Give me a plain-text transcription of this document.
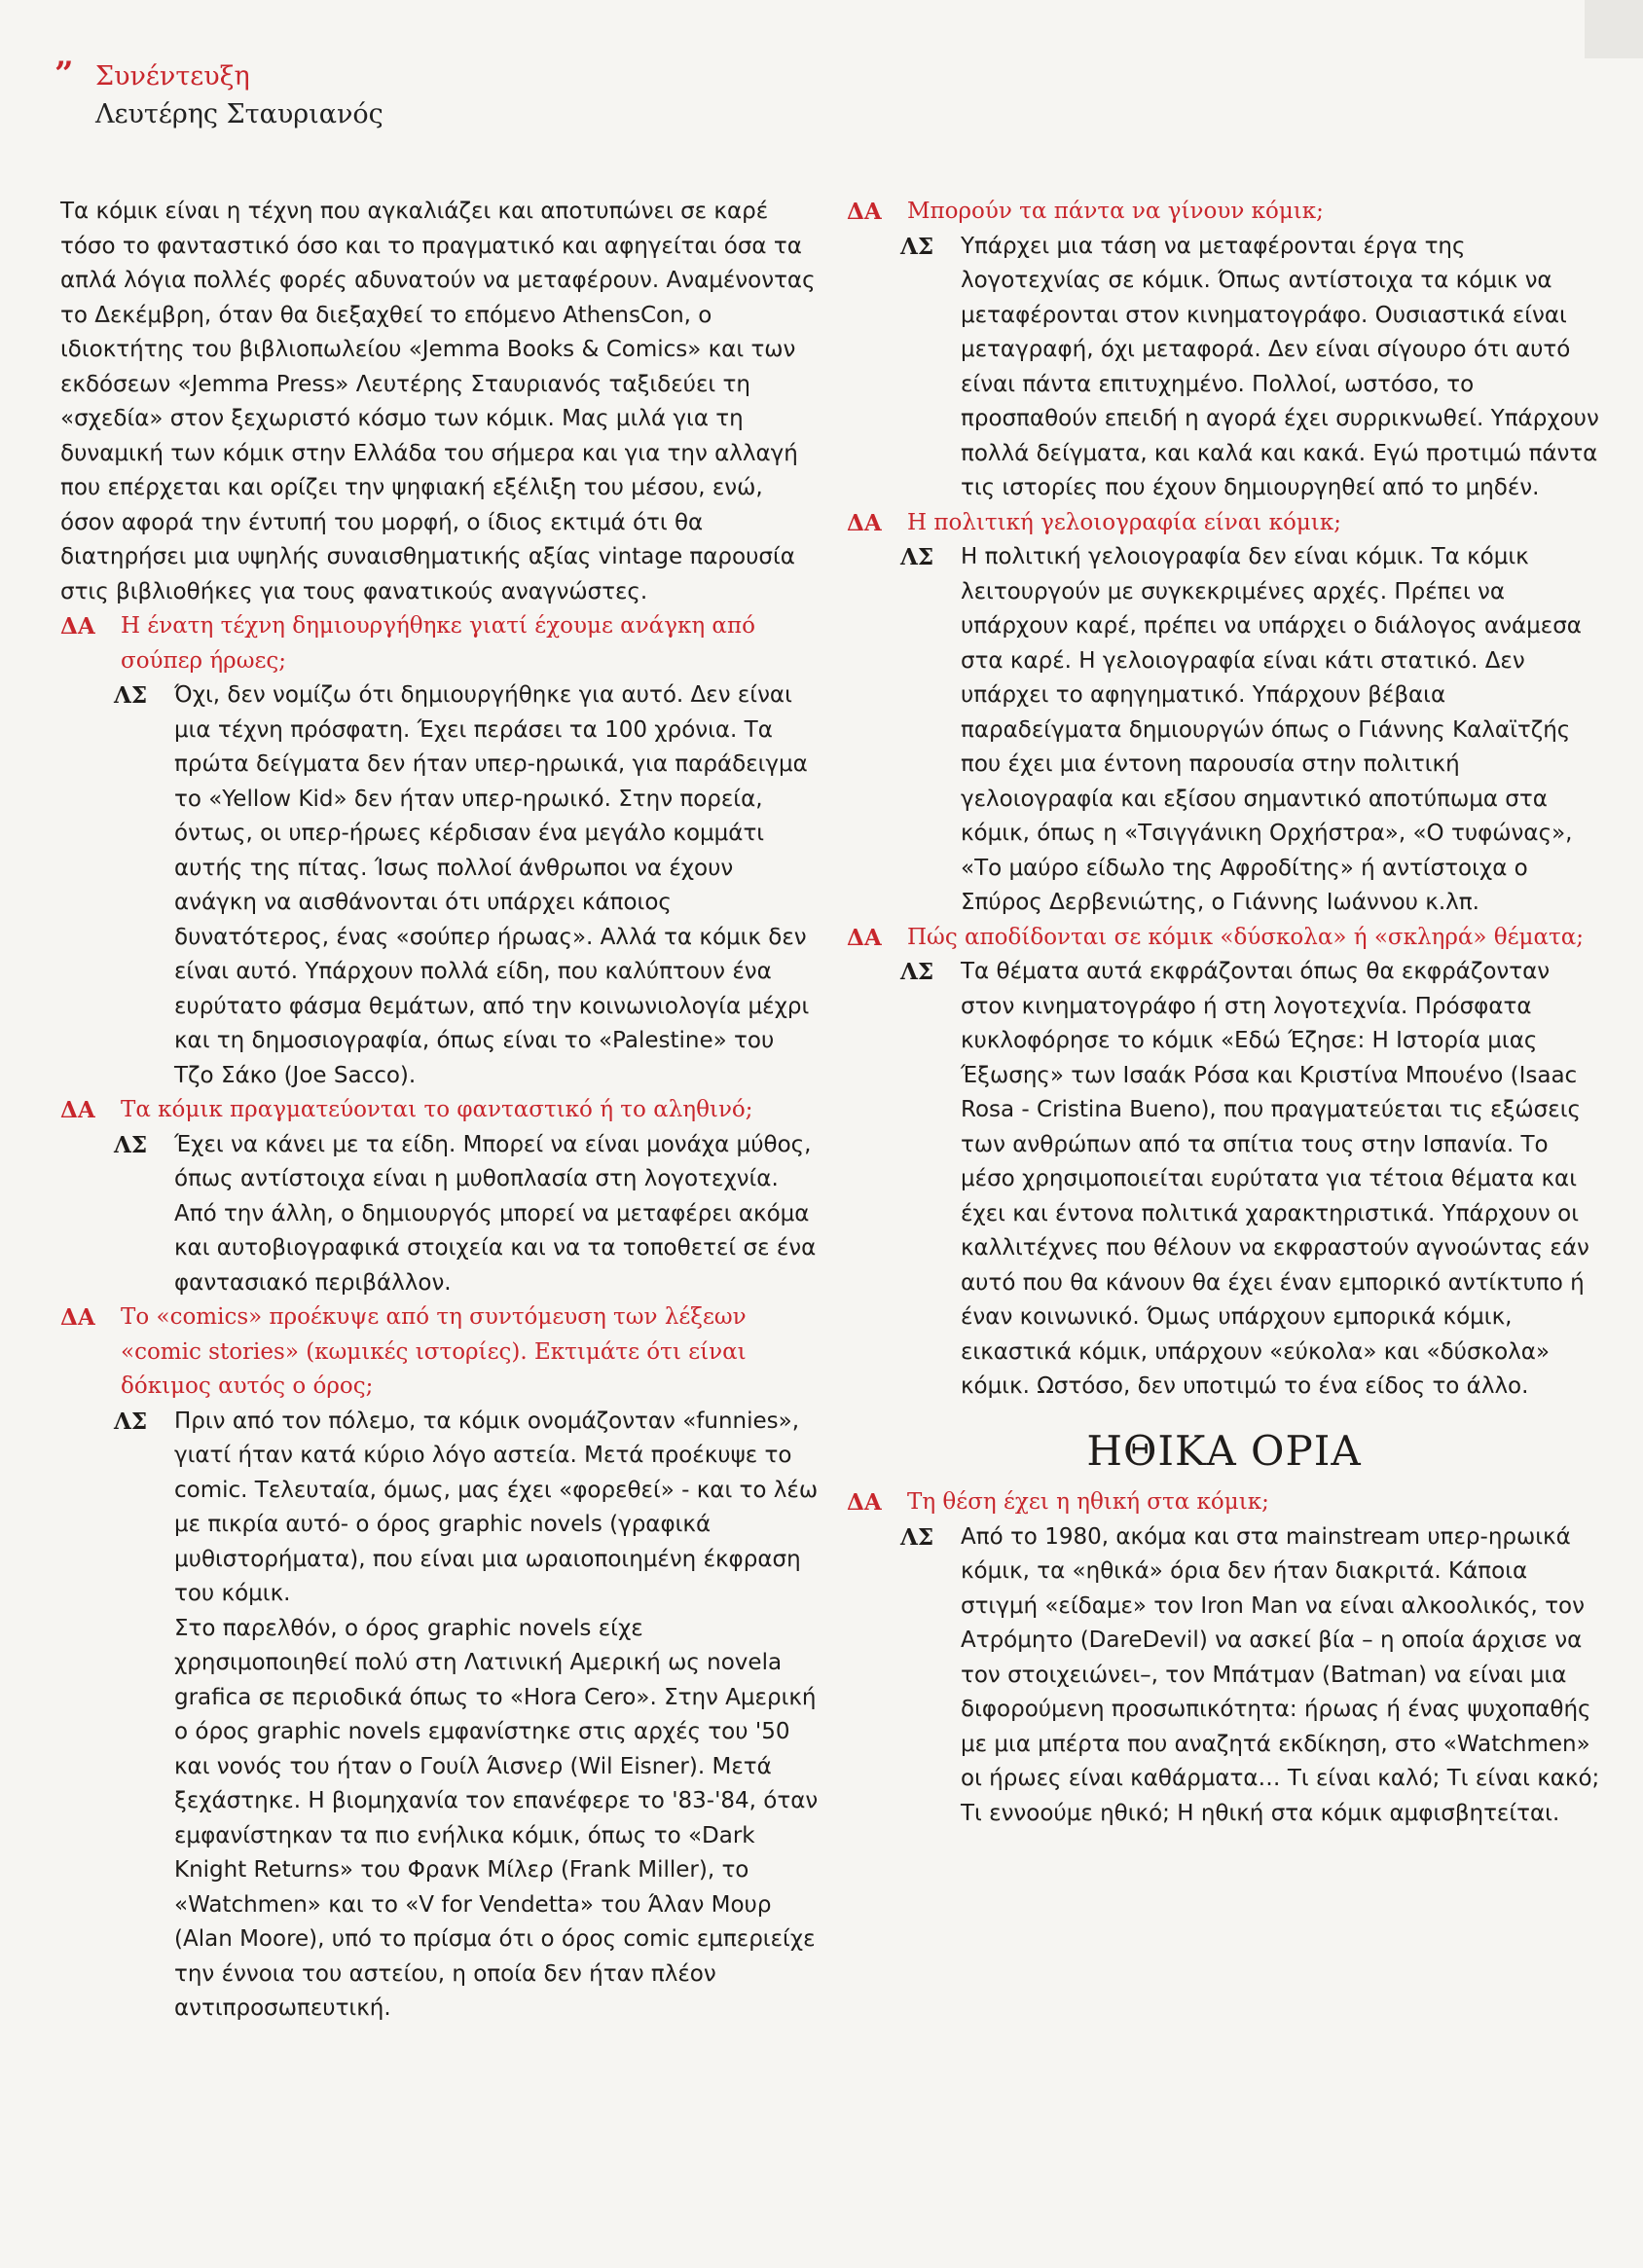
” Συνέντευξη
Λευτέρης Σταυριανός

Τα κόμικ είναι η τέχνη που αγκαλιάζει και αποτυπώνει σε καρέ τόσο το φανταστικό όσο και το πραγματικό και αφηγείται όσα τα απλά λόγια πολλές φορές αδυνατούν να μεταφέρουν. Αναμένοντας το Δεκέμβρη, όταν θα διεξαχθεί το επόμενο AthensCon, ο ιδιοκτήτης του βιβλιοπωλείου «Jemma Books & Comics» και των εκδόσεων «Jemma Press» Λευτέρης Σταυριανός ταξιδεύει τη «σχεδία» στον ξεχωριστό κόσμο των κόμικ. Μας μιλά για τη δυναμική των κόμικ στην Ελλάδα του σήμερα και για την αλλαγή που επέρχεται και ορίζει την ψηφιακή εξέλιξη του μέσου, ενώ, όσον αφορά την έντυπή του μορφή, ο ίδιος εκτιμά ότι θα διατηρήσει μια υψηλής συναισθηματικής αξίας vintage παρουσία στις βιβλιοθήκες για τους φανατικούς αναγνώστες.

ΔΑ	Η ένατη τέχνη δημιουργήθηκε γιατί έχουμε ανάγκη από σούπερ ήρωες;
ΛΣ	Όχι, δεν νομίζω ότι δημιουργήθηκε για αυτό. Δεν είναι μια τέχνη πρόσφατη. Έχει περάσει τα 100 χρόνια. Τα πρώτα δείγματα δεν ήταν υπερ-ηρωικά, για παράδειγμα το «Yellow Kid» δεν ήταν υπερ-ηρωικό. Στην πορεία, όντως, οι υπερ-ήρωες κέρδισαν ένα μεγάλο κομμάτι αυτής της πίτας. Ίσως πολλοί άνθρωποι να έχουν ανάγκη να αισθάνονται ότι υπάρχει κάποιος δυνατότερος, ένας «σούπερ ήρωας». Αλλά τα κόμικ δεν είναι αυτό. Υπάρχουν πολλά είδη, που καλύπτουν ένα ευρύτατο φάσμα θεμάτων, από την κοινωνιολογία μέχρι και τη δημοσιογραφία, όπως είναι το «Palestine» του Τζο Σάκο (Joe Sacco).
ΔΑ	Τα κόμικ πραγματεύονται το φανταστικό ή το αληθινό;
ΛΣ	Έχει να κάνει με τα είδη. Μπορεί να είναι μονάχα μύθος, όπως αντίστοιχα είναι η μυθοπλασία στη λογοτεχνία. Από την άλλη, ο δημιουργός μπορεί να μεταφέρει ακόμα και αυτοβιογραφικά στοιχεία και να τα τοποθετεί σε ένα φαντασιακό περιβάλλον.
ΔΑ	Το «comics» προέκυψε από τη συντόμευση των λέξεων «comic stories» (κωμικές ιστορίες). Εκτιμάτε ότι είναι δόκιμος αυτός ο όρος;
ΛΣ	Πριν από τον πόλεμο, τα κόμικ ονομάζονταν «funnies», γιατί ήταν κατά κύριο λόγο αστεία. Μετά προέκυψε το comic. Τελευταία, όμως, μας έχει «φορεθεί» - και το λέω με πικρία αυτό- ο όρος graphic novels (γραφικά μυθιστορήματα), που είναι μια ωραιοποιημένη έκφραση του κόμικ.
Στο παρελθόν, ο όρος graphic novels είχε χρησιμοποιηθεί πολύ στη Λατινική Αμερική ως novela grafica σε περιοδικά όπως το «Hora Cero». Στην Αμερική ο όρος graphic novels εμφανίστηκε στις αρχές του '50 και νονός του ήταν ο Γουίλ Άισνερ (Wil Eisner). Μετά ξεχάστηκε. Η βιομηχανία τον επανέφερε το '83-'84, όταν εμφανίστηκαν τα πιο ενήλικα κόμικ, όπως το «Dark Knight Returns» του Φρανκ Μίλερ (Frank Miller), το «Watchmen» και το «V for Vendetta» του Άλαν Μουρ (Alan Moore), υπό το πρίσμα ότι ο όρος comic εμπεριείχε την έννοια του αστείου, η οποία δεν ήταν πλέον αντιπροσωπευτική.
ΔΑ	Μπορούν τα πάντα να γίνουν κόμικ;
ΛΣ	Υπάρχει μια τάση να μεταφέρονται έργα της λογοτεχνίας σε κόμικ. Όπως αντίστοιχα τα κόμικ να μεταφέρονται στον κινηματογράφο. Ουσιαστικά είναι μεταγραφή, όχι μεταφορά. Δεν είναι σίγουρο ότι αυτό είναι πάντα επιτυχημένο. Πολλοί, ωστόσο, το προσπαθούν επειδή η αγορά έχει συρρικνωθεί. Υπάρχουν πολλά δείγματα, και καλά και κακά. Εγώ προτιμώ πάντα τις ιστορίες που έχουν δημιουργηθεί από το μηδέν.
ΔΑ	Η πολιτική γελοιογραφία είναι κόμικ;
ΛΣ	Η πολιτική γελοιογραφία δεν είναι κόμικ. Τα κόμικ λειτουργούν με συγκεκριμένες αρχές. Πρέπει να υπάρχουν καρέ, πρέπει να υπάρχει ο διάλογος ανάμεσα στα καρέ. Η γελοιογραφία είναι κάτι στατικό. Δεν υπάρχει το αφηγηματικό. Υπάρχουν βέβαια παραδείγματα δημιουργών όπως ο Γιάννης Καλαϊτζής που έχει μια έντονη παρουσία στην πολιτική γελοιογραφία και εξίσου σημαντικό αποτύπωμα στα κόμικ, όπως η «Τσιγγάνικη Ορχήστρα», «Ο τυφώνας», «Το μαύρο είδωλο της Αφροδίτης» ή αντίστοιχα ο Σπύρος Δερβενιώτης, ο Γιάννης Ιωάννου κ.λπ.
ΔΑ	Πώς αποδίδονται σε κόμικ «δύσκολα» ή «σκληρά» θέματα;
ΛΣ	Τα θέματα αυτά εκφράζονται όπως θα εκφράζονταν στον κινηματογράφο ή στη λογοτεχνία. Πρόσφατα κυκλοφόρησε το κόμικ «Εδώ Έζησε: Η Ιστορία μιας Έξωσης» των Ισαάκ Ρόσα και Κριστίνα Μπουένο (Isaac Rosa - Cristina Bueno), που πραγματεύεται τις εξώσεις των ανθρώπων από τα σπίτια τους στην Ισπανία. Το μέσο χρησιμοποιείται ευρύτατα για τέτοια θέματα και έχει και έντονα πολιτικά χαρακτηριστικά. Υπάρχουν οι καλλιτέχνες που θέλουν να εκφραστούν αγνοώντας εάν αυτό που θα κάνουν θα έχει έναν εμπορικό αντίκτυπο ή έναν κοινωνικό. Όμως υπάρχουν εμπορικά κόμικ, εικαστικά κόμικ, υπάρχουν «εύκολα» και «δύσκολα» κόμικ. Ωστόσο, δεν υποτιμώ το ένα είδος το άλλο.
ΗΘΙΚΑ ΟΡΙΑ
ΔΑ	Τη θέση έχει η ηθική στα κόμικ;
ΛΣ	Από το 1980, ακόμα και στα mainstream υπερ-ηρωικά κόμικ, τα «ηθικά» όρια δεν ήταν διακριτά. Κάποια στιγμή «είδαμε» τον Iron Man να είναι αλκοολικός, τον Ατρόμητο (DareDevil) να ασκεί βία – η οποία άρχισε να τον στοιχειώνει–, τον Μπάτμαν (Batman) να είναι μια διφορούμενη προσωπικότητα: ήρωας ή ένας ψυχοπαθής με μια μπέρτα που αναζητά εκδίκηση, στο «Watchmen» οι ήρωες είναι καθάρματα… Τι είναι καλό; Τι είναι κακό; Τι εννοούμε ηθικό; Η ηθική στα κόμικ αμφισβητείται.
